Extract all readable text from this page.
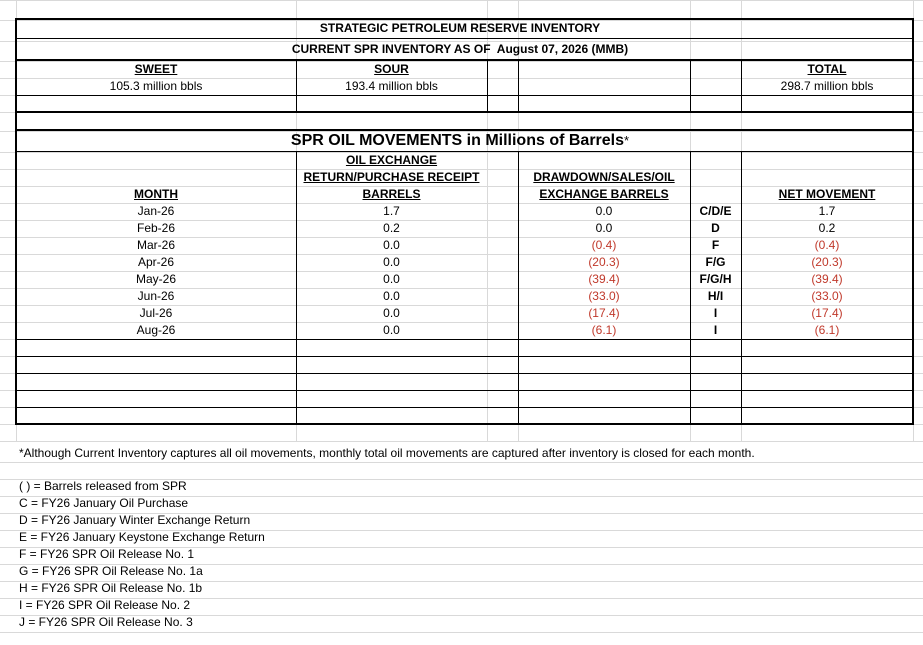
STRATEGIC PETROLEUM RESERVE INVENTORY
CURRENT SPR INVENTORY AS OF August 07, 2026 (MMB)
SWEET	SOUR	TOTAL
105.3 million bbls	193.4 million bbls	298.7 million bbls
SPR OIL MOVEMENTS in Millions of Barrels*
MONTH
OIL EXCHANGE
RETURN/PURCHASE RECEIPT
BARRELS
DRAWDOWN/SALES/OIL
EXCHANGE BARRELS	NET MOVEMENT
Jan-26	1.7	0.0	C/D/E	1.7
Feb-26	0.2	0.0	D	0.2
Mar-26	0.0	(0.4)	F	(0.4)
Apr-26	0.0	(20.3)	F/G	(20.3)
May-26	0.0	(39.4)	F/G/H	(39.4)
Jun-26	0.0	(33.0)	H/I	(33.0)
Jul-26	0.0	(17.4)	I	(17.4)
Aug-26	0.0	(6.1)	I	(6.1)
*Although Current Inventory captures all oil movements, monthly total oil movements are captured after inventory is closed for each month.
( ) = Barrels released from SPR
C = FY26 January Oil Purchase
D = FY26 January Winter Exchange Return
E = FY26 January Keystone Exchange Return
F = FY26 SPR Oil Release No. 1
G = FY26 SPR Oil Release No. 1a
H = FY26 SPR Oil Release No. 1b
I = FY26 SPR Oil Release No. 2
J = FY26 SPR Oil Release No. 3
